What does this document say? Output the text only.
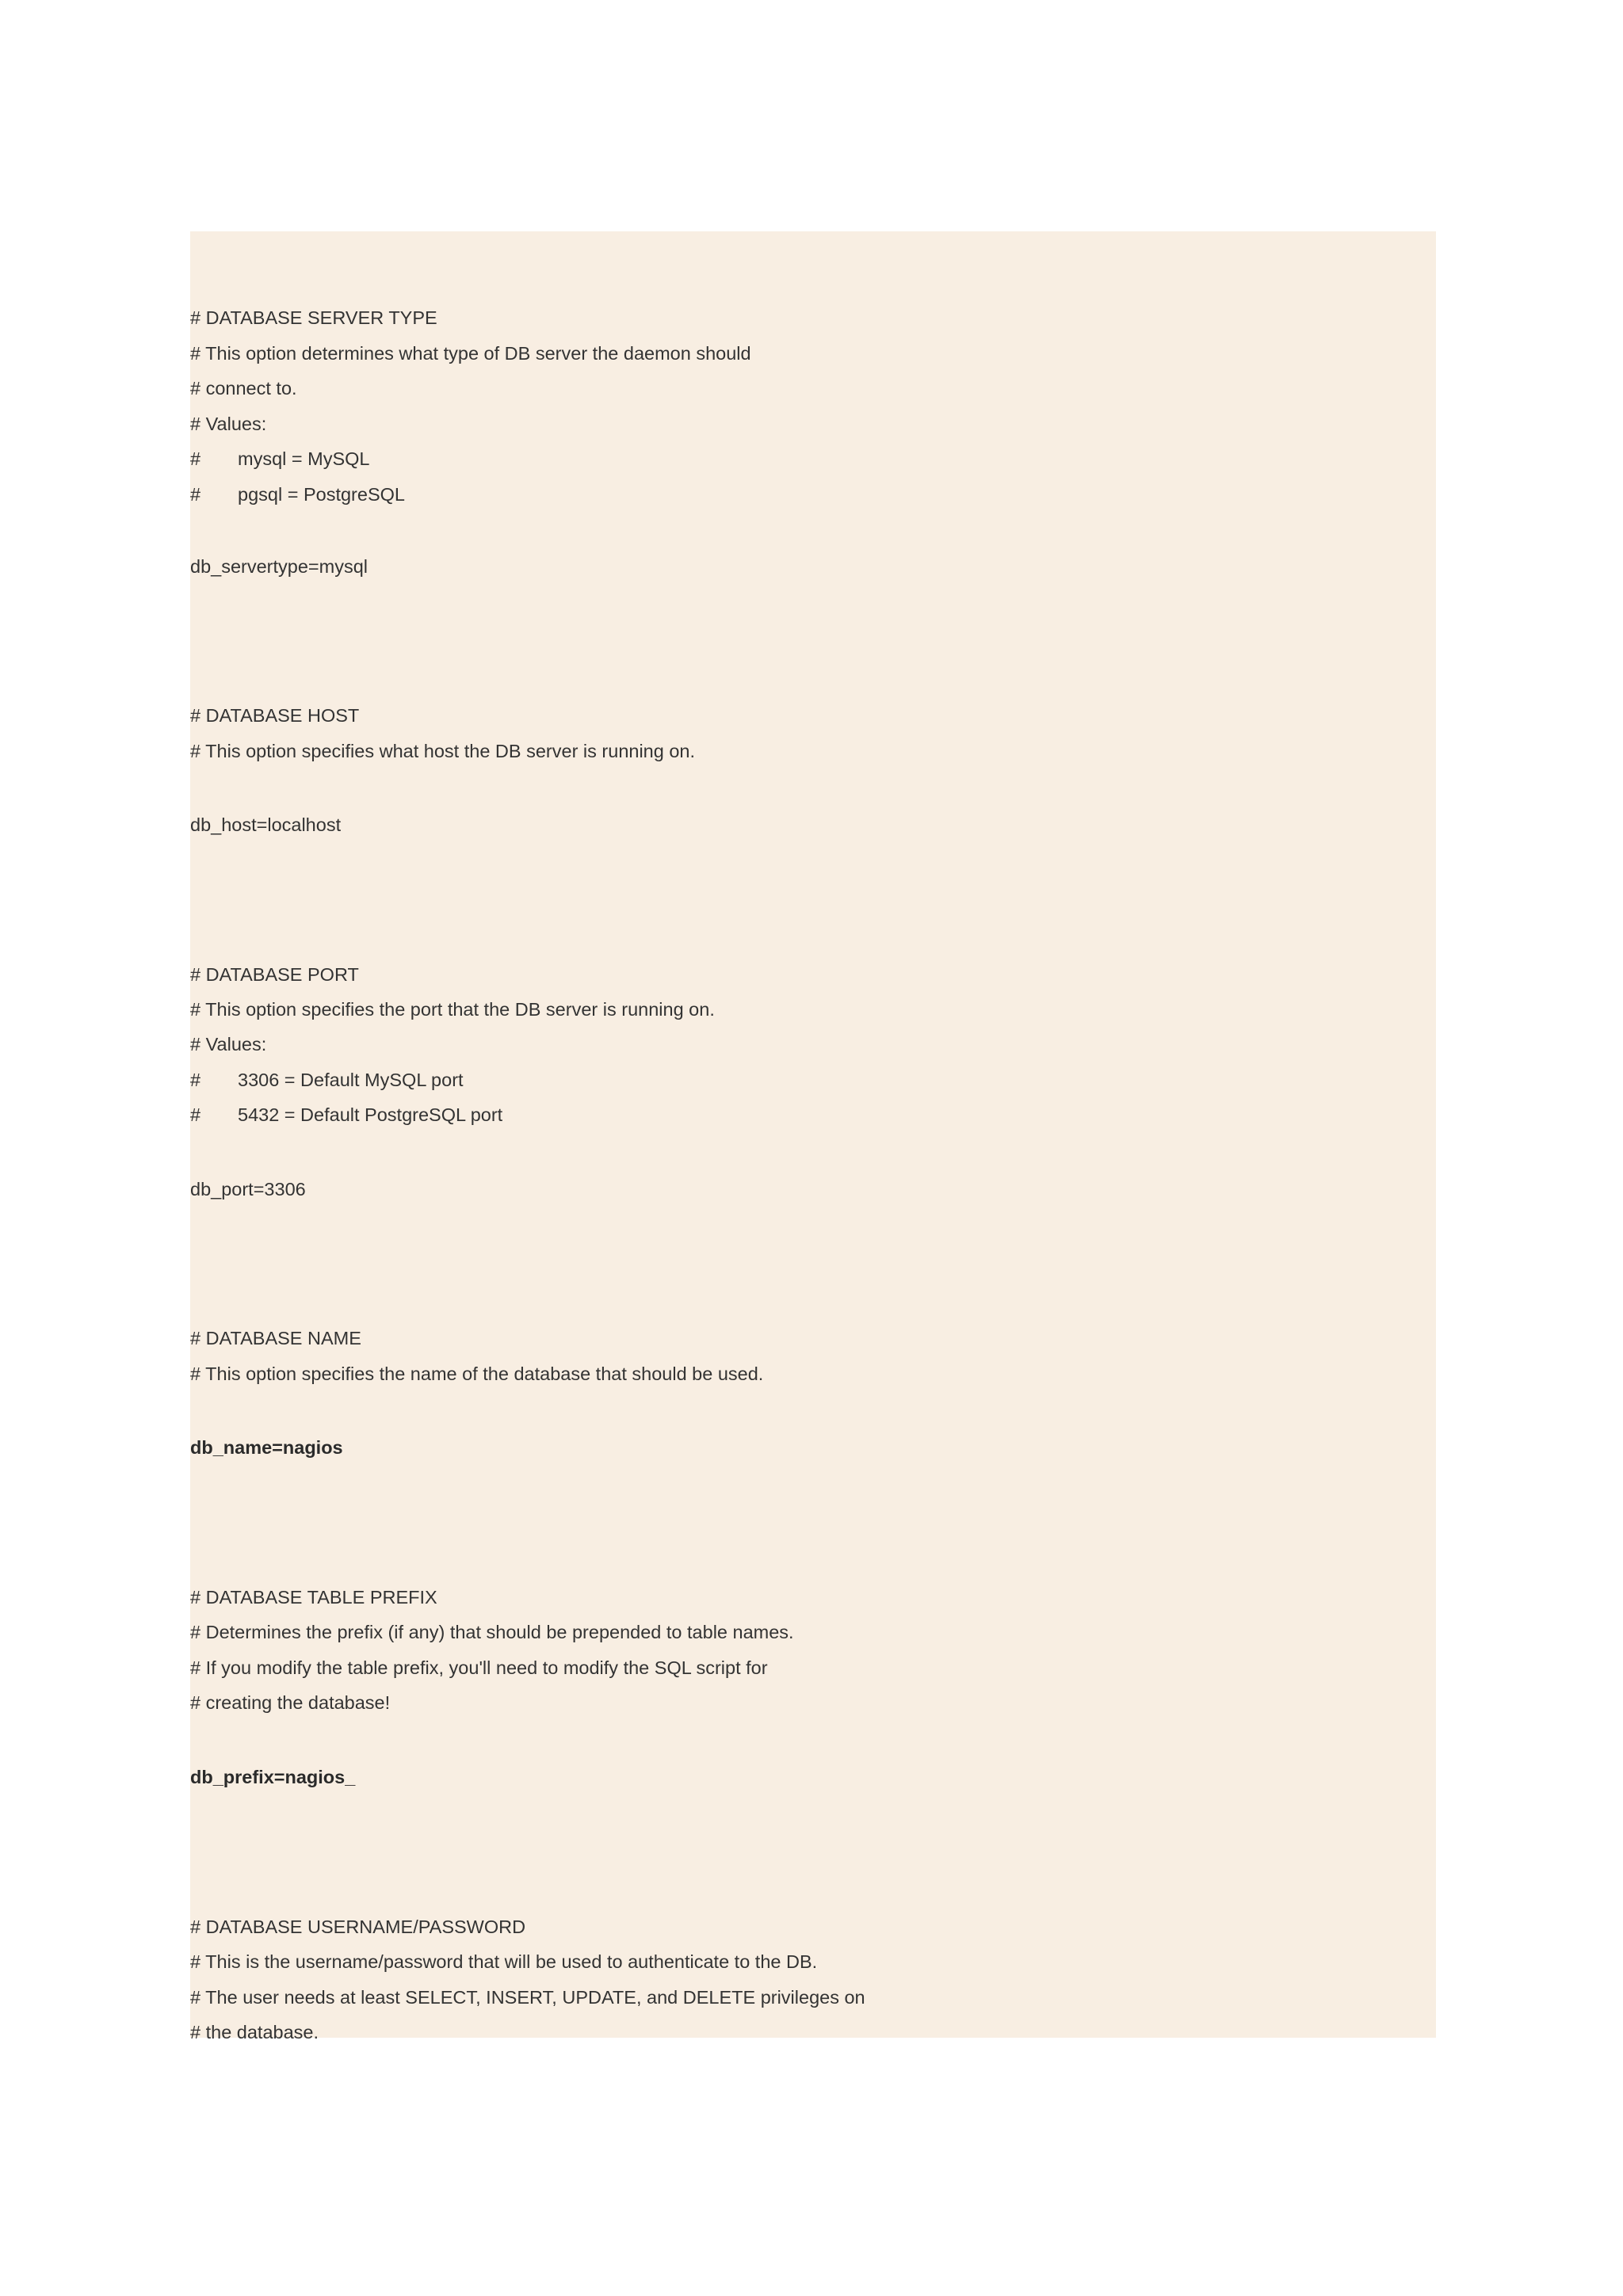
# DATABASE SERVER TYPE
# This option determines what type of DB server the daemon should
# connect to.
# Values:
# mysql = MySQL
# pgsql = PostgreSQL
db_servertype=mysql
# DATABASE HOST
# This option specifies what host the DB server is running on.
db_host=localhost
# DATABASE PORT
# This option specifies the port that the DB server is running on.
# Values:
# 3306 = Default MySQL port
# 5432 = Default PostgreSQL port
db_port=3306
# DATABASE NAME
# This option specifies the name of the database that should be used.
db_name=nagios
# DATABASE TABLE PREFIX
# Determines the prefix (if any) that should be prepended to table names.
# If you modify the table prefix, you'll need to modify the SQL script for
# creating the database!
db_prefix=nagios_
# DATABASE USERNAME/PASSWORD
# This is the username/password that will be used to authenticate to the DB.
# The user needs at least SELECT, INSERT, UPDATE, and DELETE privileges on
# the database.
